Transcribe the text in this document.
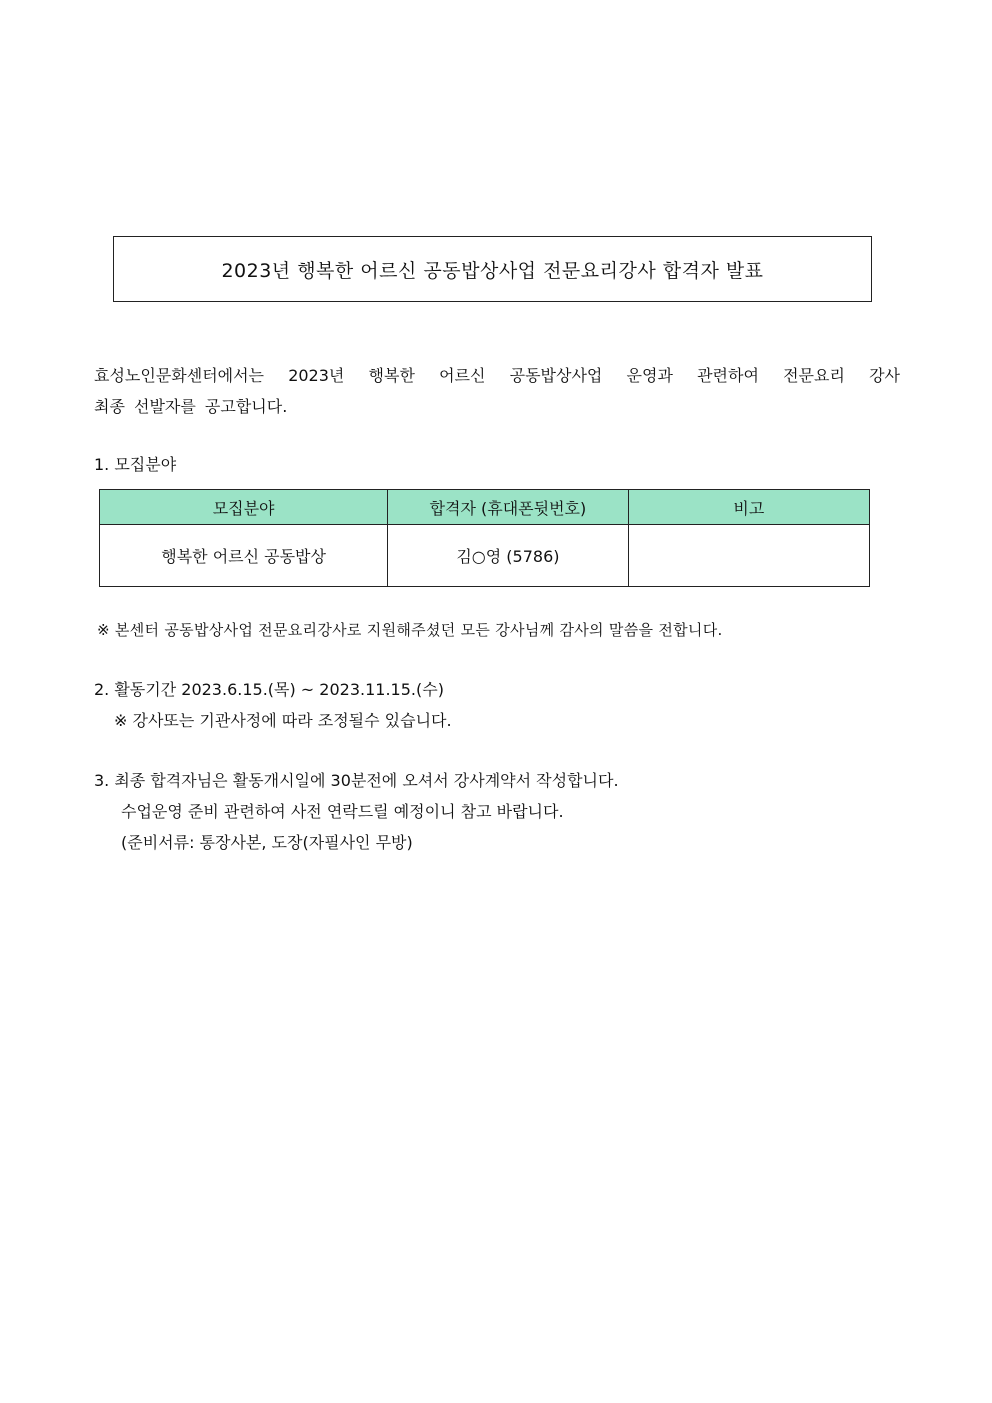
2023년 행복한 어르신 공동밥상사업 전문요리강사 합격자 발표
효성노인문화센터에서는 2023년 행복한 어르신 공동밥상사업 운영과 관련하여 전문요리 강사
최종 선발자를 공고합니다.
1. 모집분야
모집분야	합격자 (휴대폰뒷번호)	비고
행복한 어르신 공동밥상	김○영 (5786)	
※ 본센터 공동밥상사업 전문요리강사로 지원해주셨던 모든 강사님께 감사의 말씀을 전합니다.
2. 활동기간 2023.6.15.(목) ~ 2023.11.15.(수)
※ 강사또는 기관사정에 따라 조정될수 있습니다.
3. 최종 합격자님은 활동개시일에 30분전에 오셔서 강사계약서 작성합니다.
수업운영 준비 관련하여 사전 연락드릴 예정이니 참고 바랍니다.
(준비서류: 통장사본, 도장(자필사인 무방)
